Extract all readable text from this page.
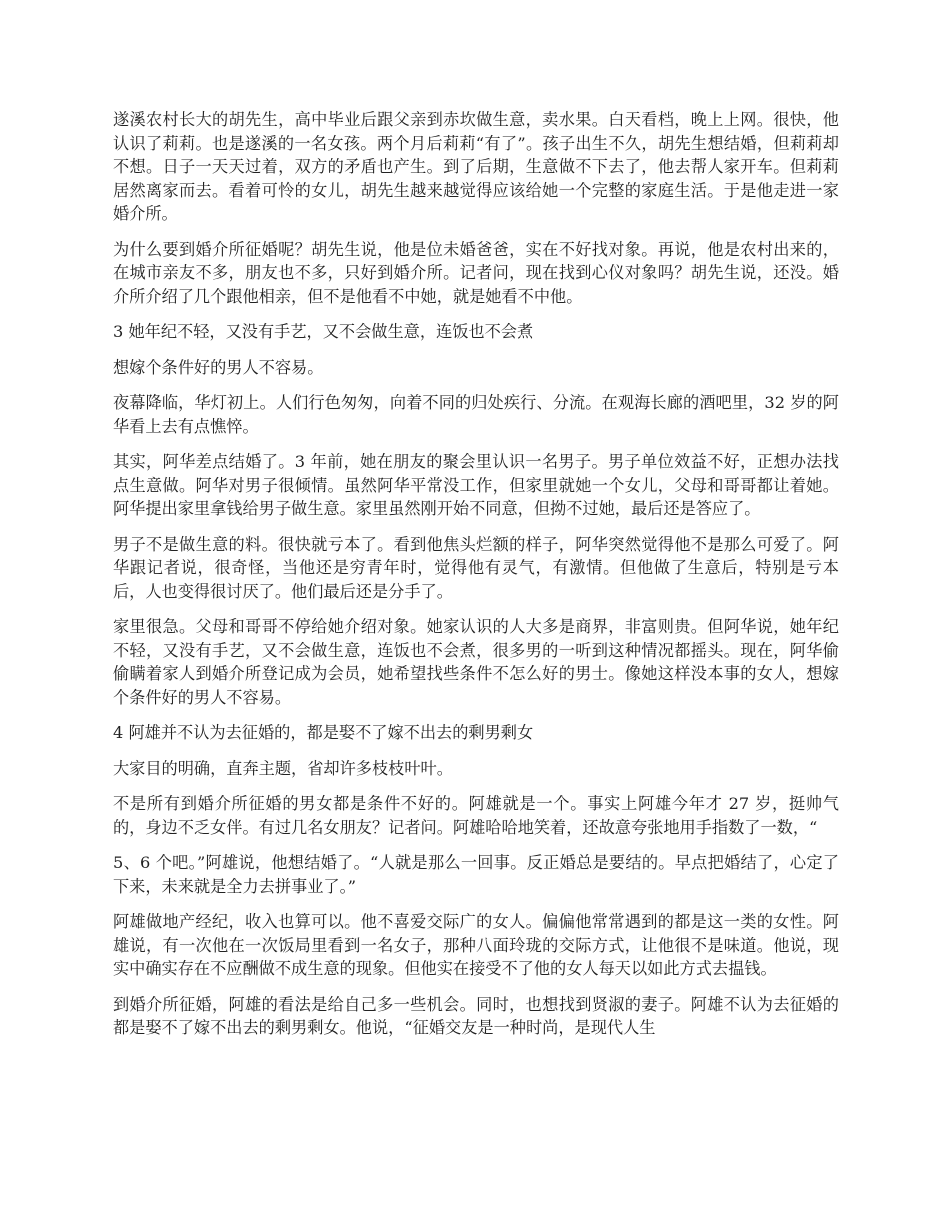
遂溪农村长大的胡先生，高中毕业后跟父亲到赤坎做生意，卖水果。白天看档，晚上上网。很快，他认识了莉莉。也是遂溪的一名女孩。两个月后莉莉“有了”。孩子出生不久，胡先生想结婚，但莉莉却不想。日子一天天过着，双方的矛盾也产生。到了后期，生意做不下去了，他去帮人家开车。但莉莉居然离家而去。看着可怜的女儿，胡先生越来越觉得应该给她一个完整的家庭生活。于是他走进一家婚介所。

为什么要到婚介所征婚呢？胡先生说，他是位未婚爸爸，实在不好找对象。再说，他是农村出来的，在城市亲友不多，朋友也不多，只好到婚介所。记者问，现在找到心仪对象吗？胡先生说，还没。婚介所介绍了几个跟他相亲，但不是他看不中她，就是她看不中他。

3 她年纪不轻，又没有手艺，又不会做生意，连饭也不会煮

想嫁个条件好的男人不容易。

夜幕降临，华灯初上。人们行色匆匆，向着不同的归处疾行、分流。在观海长廊的酒吧里，32 岁的阿华看上去有点憔悴。

其实，阿华差点结婚了。3 年前，她在朋友的聚会里认识一名男子。男子单位效益不好，正想办法找点生意做。阿华对男子很倾情。虽然阿华平常没工作，但家里就她一个女儿，父母和哥哥都让着她。阿华提出家里拿钱给男子做生意。家里虽然刚开始不同意，但拗不过她，最后还是答应了。

男子不是做生意的料。很快就亏本了。看到他焦头烂额的样子，阿华突然觉得他不是那么可爱了。阿华跟记者说，很奇怪，当他还是穷青年时，觉得他有灵气，有激情。但他做了生意后，特别是亏本后，人也变得很讨厌了。他们最后还是分手了。

家里很急。父母和哥哥不停给她介绍对象。她家认识的人大多是商界，非富则贵。但阿华说，她年纪不轻，又没有手艺，又不会做生意，连饭也不会煮，很多男的一听到这种情况都摇头。现在，阿华偷偷瞒着家人到婚介所登记成为会员，她希望找些条件不怎么好的男士。像她这样没本事的女人，想嫁个条件好的男人不容易。

4 阿雄并不认为去征婚的，都是娶不了嫁不出去的剩男剩女

大家目的明确，直奔主题，省却许多枝枝叶叶。

不是所有到婚介所征婚的男女都是条件不好的。阿雄就是一个。事实上阿雄今年才 27 岁，挺帅气的，身边不乏女伴。有过几名女朋友？记者问。阿雄哈哈地笑着，还故意夸张地用手指数了一数，“

5、6 个吧。”阿雄说，他想结婚了。“人就是那么一回事。反正婚总是要结的。早点把婚结了，心定了下来，未来就是全力去拼事业了。”

阿雄做地产经纪，收入也算可以。他不喜爱交际广的女人。偏偏他常常遇到的都是这一类的女性。阿雄说，有一次他在一次饭局里看到一名女子，那种八面玲珑的交际方式，让他很不是味道。他说，现实中确实存在不应酬做不成生意的现象。但他实在接受不了他的女人每天以如此方式去揾钱。

到婚介所征婚，阿雄的看法是给自己多一些机会。同时，也想找到贤淑的妻子。阿雄不认为去征婚的都是娶不了嫁不出去的剩男剩女。他说，“征婚交友是一种时尚，是现代人生
